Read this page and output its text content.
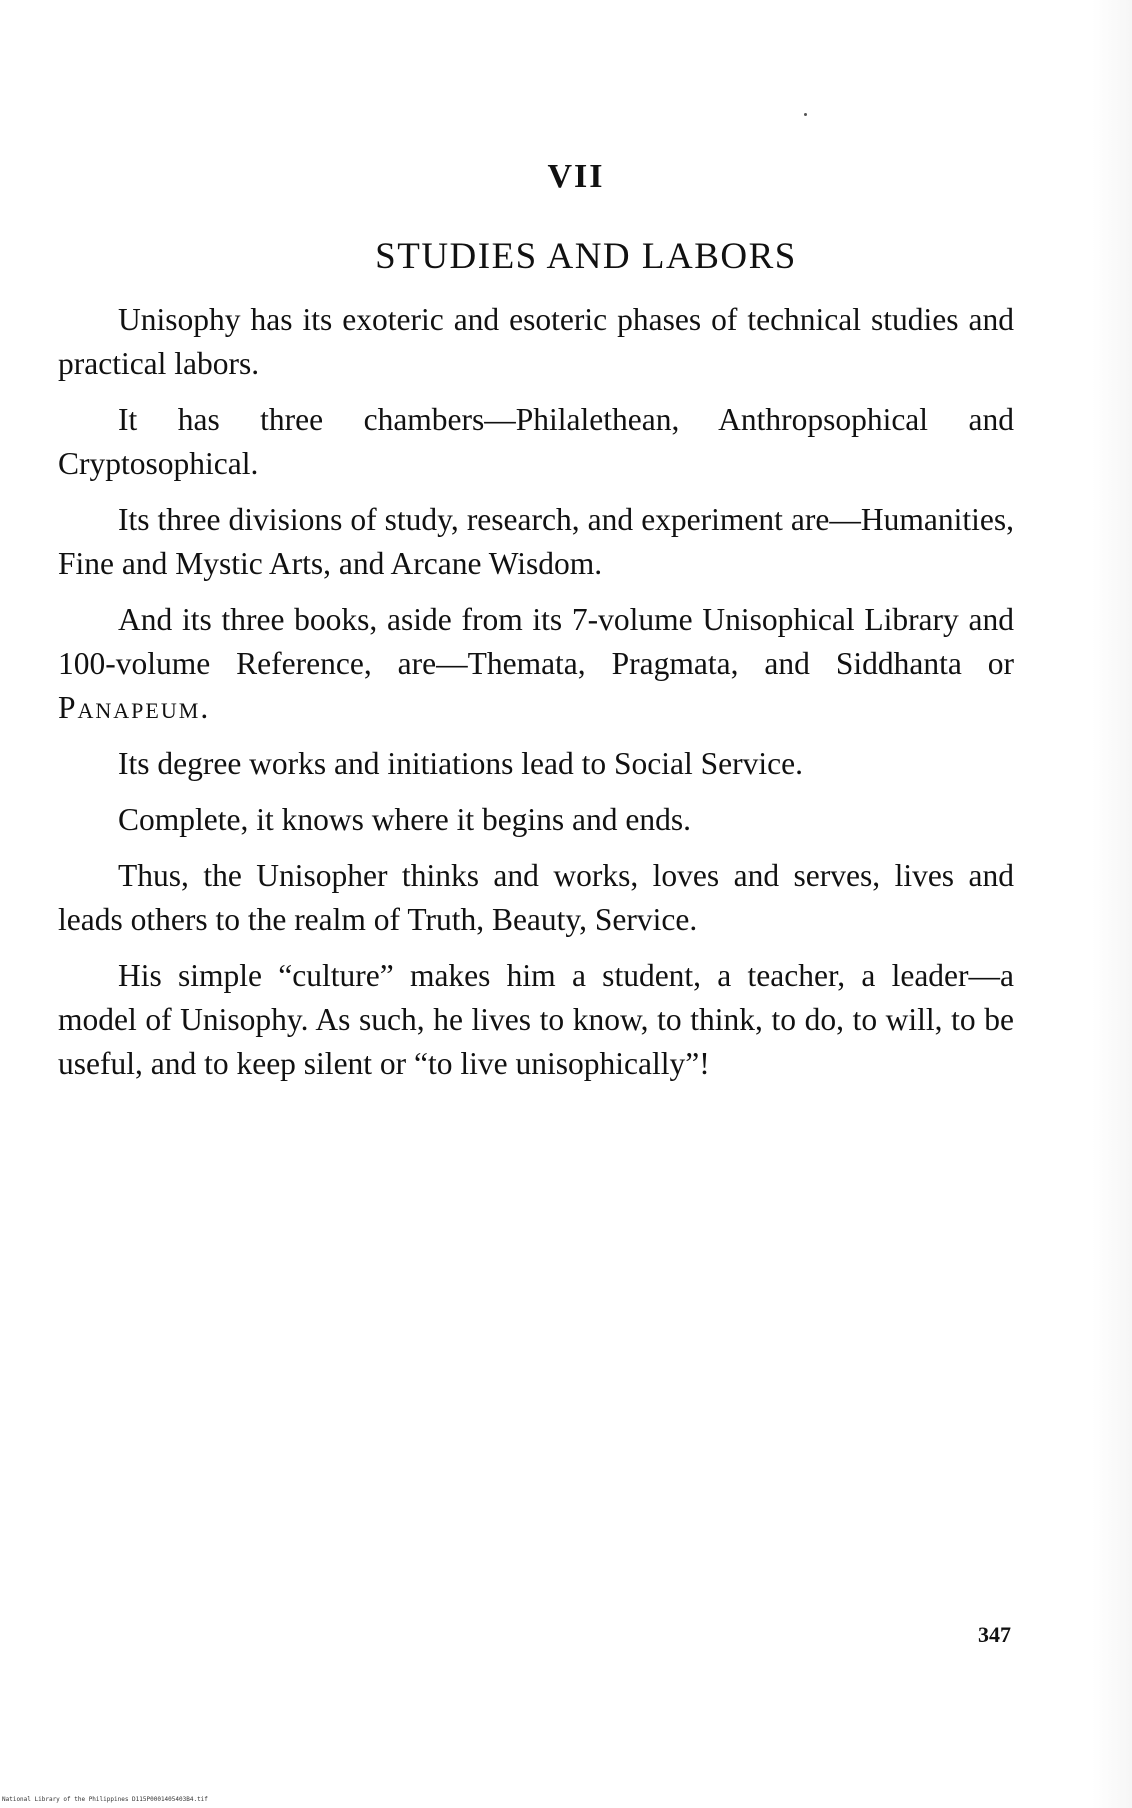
VII
STUDIES AND LABORS

Unisophy has its exoteric and esoteric phases of technical studies and practical labors.

It has three chambers—Philalethean, Anthropsophical and Cryptosophical.

Its three divisions of study, research, and experiment are—Humanities, Fine and Mystic Arts, and Arcane Wisdom.

And its three books, aside from its 7-volume Unisophical Library and 100-volume Reference, are—Themata, Pragmata, and Siddhanta or Panapeum.

Its degree works and initiations lead to Social Service.

Complete, it knows where it begins and ends.

Thus, the Unisopher thinks and works, loves and serves, lives and leads others to the realm of Truth, Beauty, Service.

His simple “culture” makes him a student, a teacher, a leader—a model of Unisophy. As such, he lives to know, to think, to do, to will, to be useful, and to keep silent or “to live unisophically”!

347
National Library of the Philippines D115P0001405403B4.tif
